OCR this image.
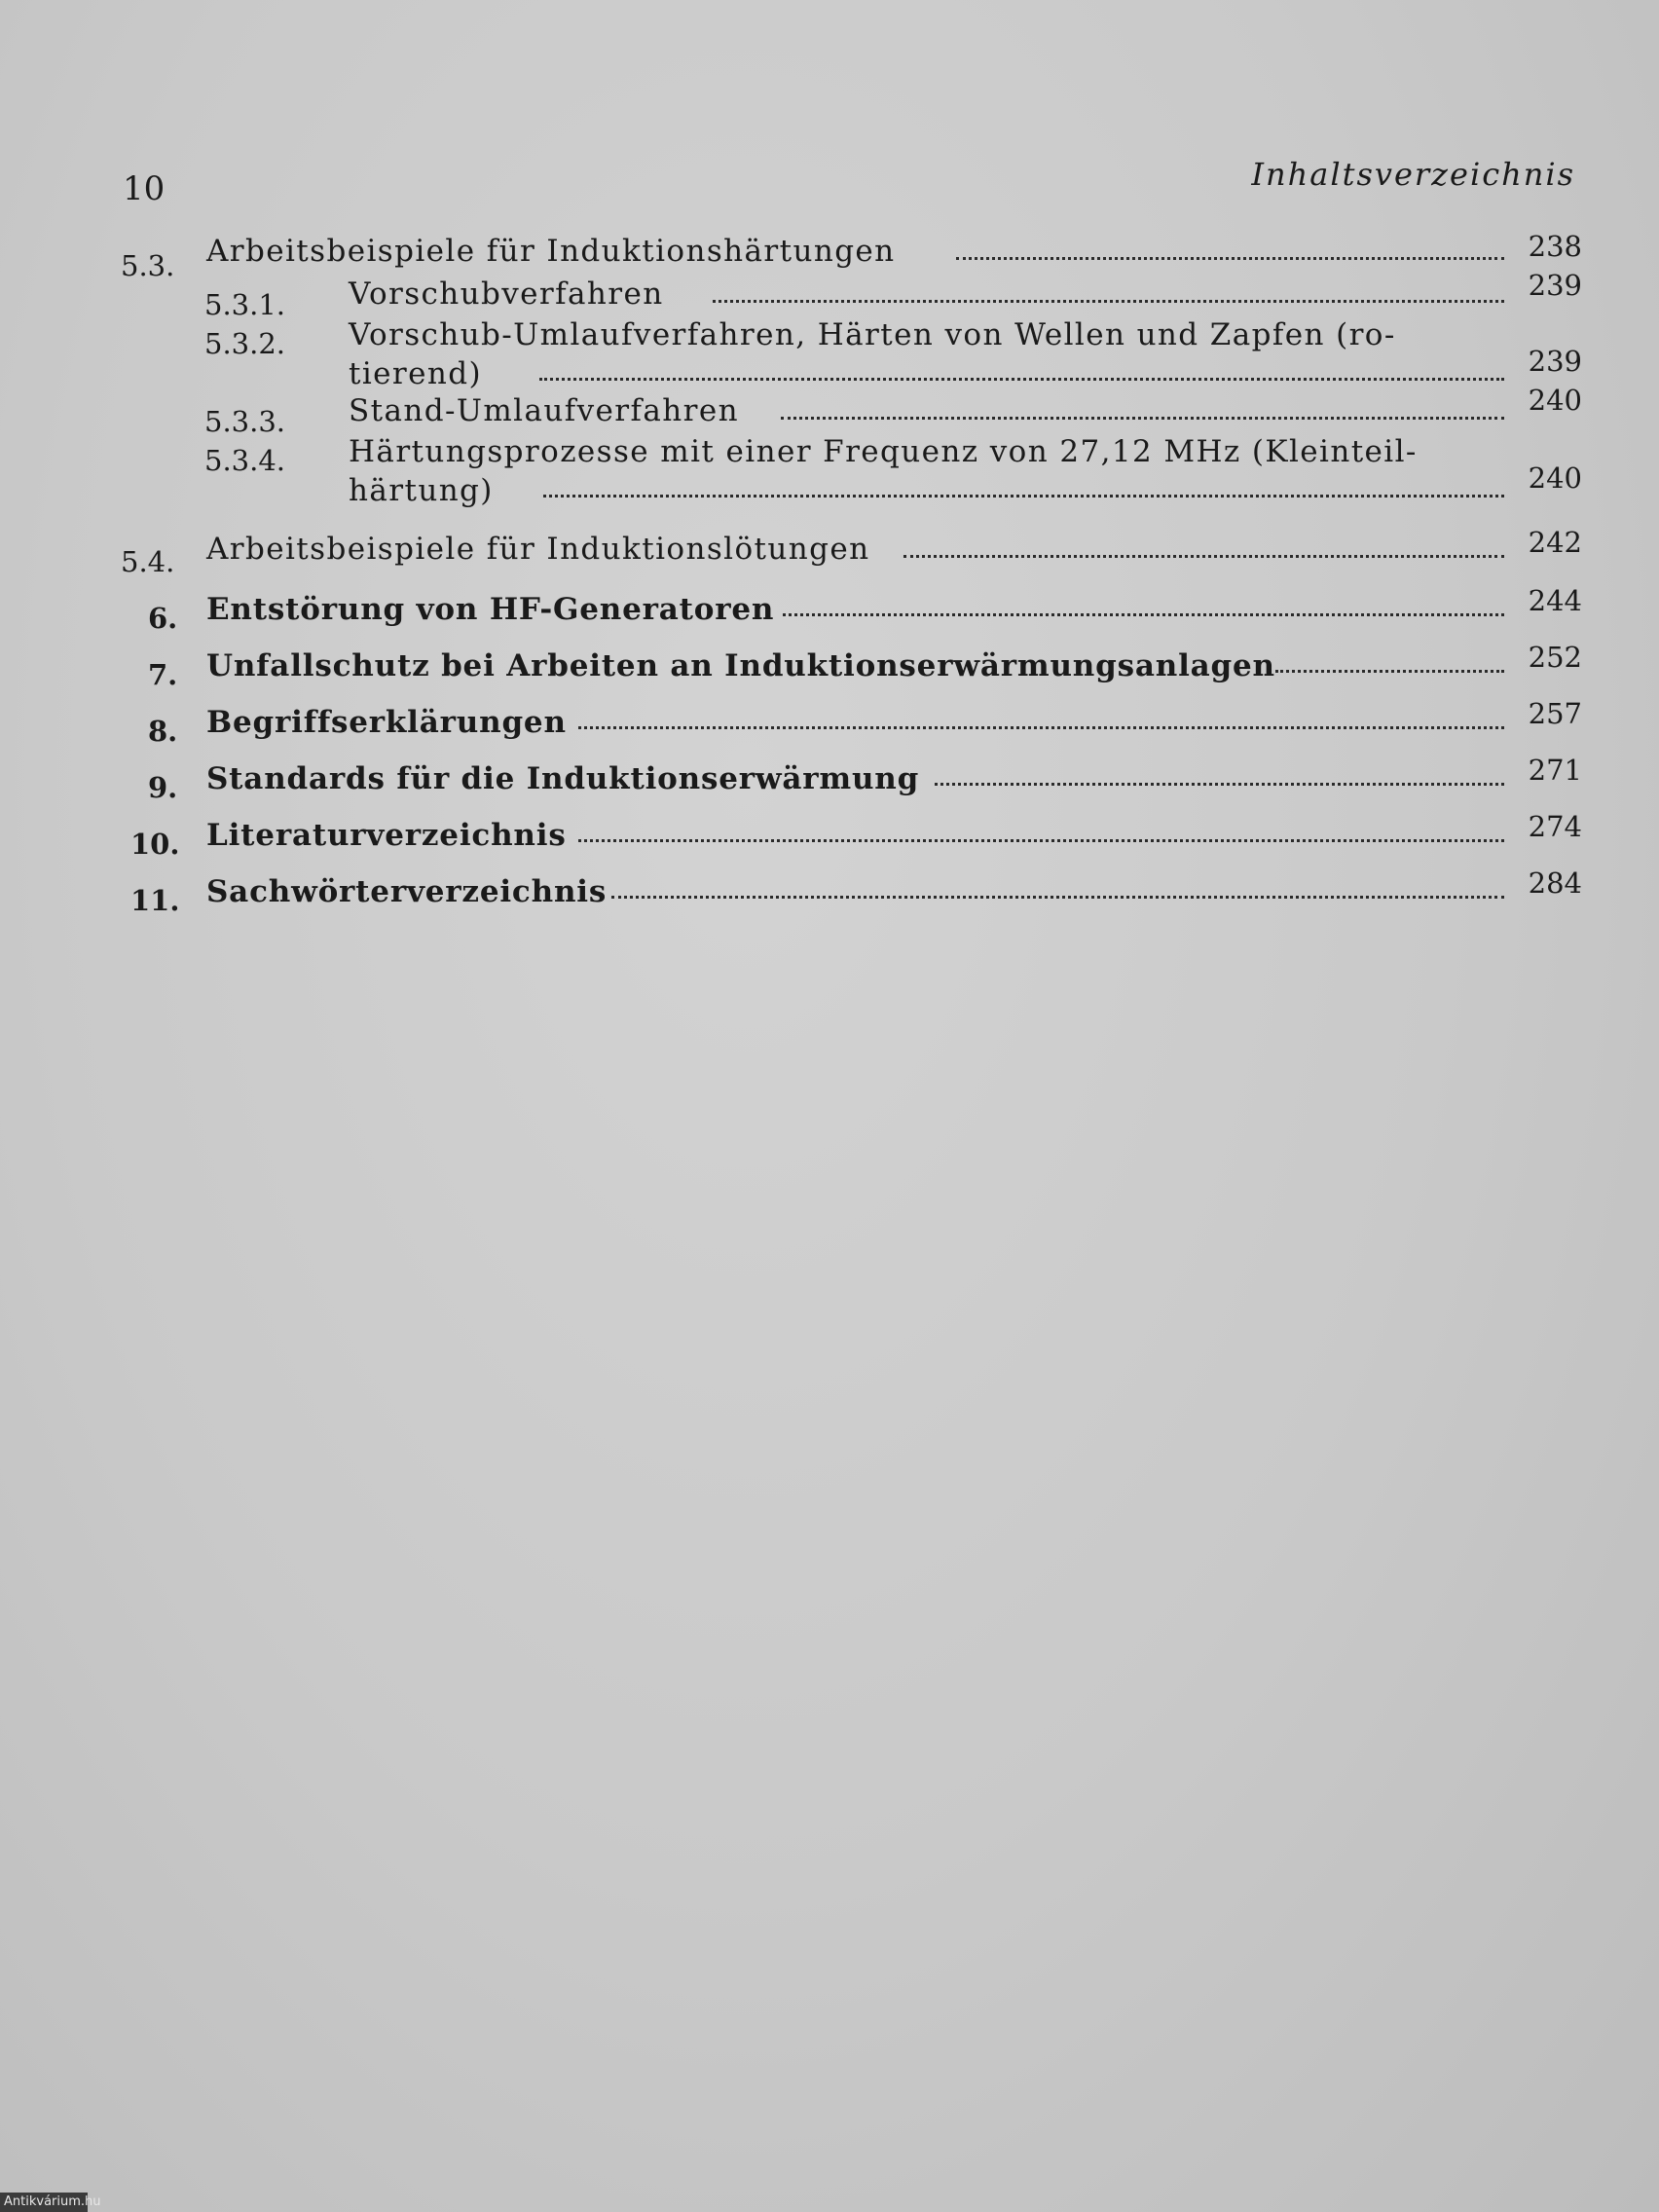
10	Inhaltsverzeichnis
5.3. Arbeitsbeispiele für Induktionshärtungen	238
5.3.1. Vorschubverfahren	239
5.3.2. Vorschub-Umlaufverfahren, Härten von Wellen und Zapfen (ro-
tierend)	239
5.3.3. Stand-Umlaufverfahren	240
5.3.4. Härtungsprozesse mit einer Frequenz von 27,12 MHz (Kleinteil-
härtung)	240
5.4. Arbeitsbeispiele für Induktionslötungen	242
6. Entstörung von HF-Generatoren	244
7. Unfallschutz bei Arbeiten an Induktionserwärmungsanlagen	252
8. Begriffserklärungen	257
9. Standards für die Induktionserwärmung	271
10. Literaturverzeichnis	274
11. Sachwörterverzeichnis	284
Antikvárium.hu
